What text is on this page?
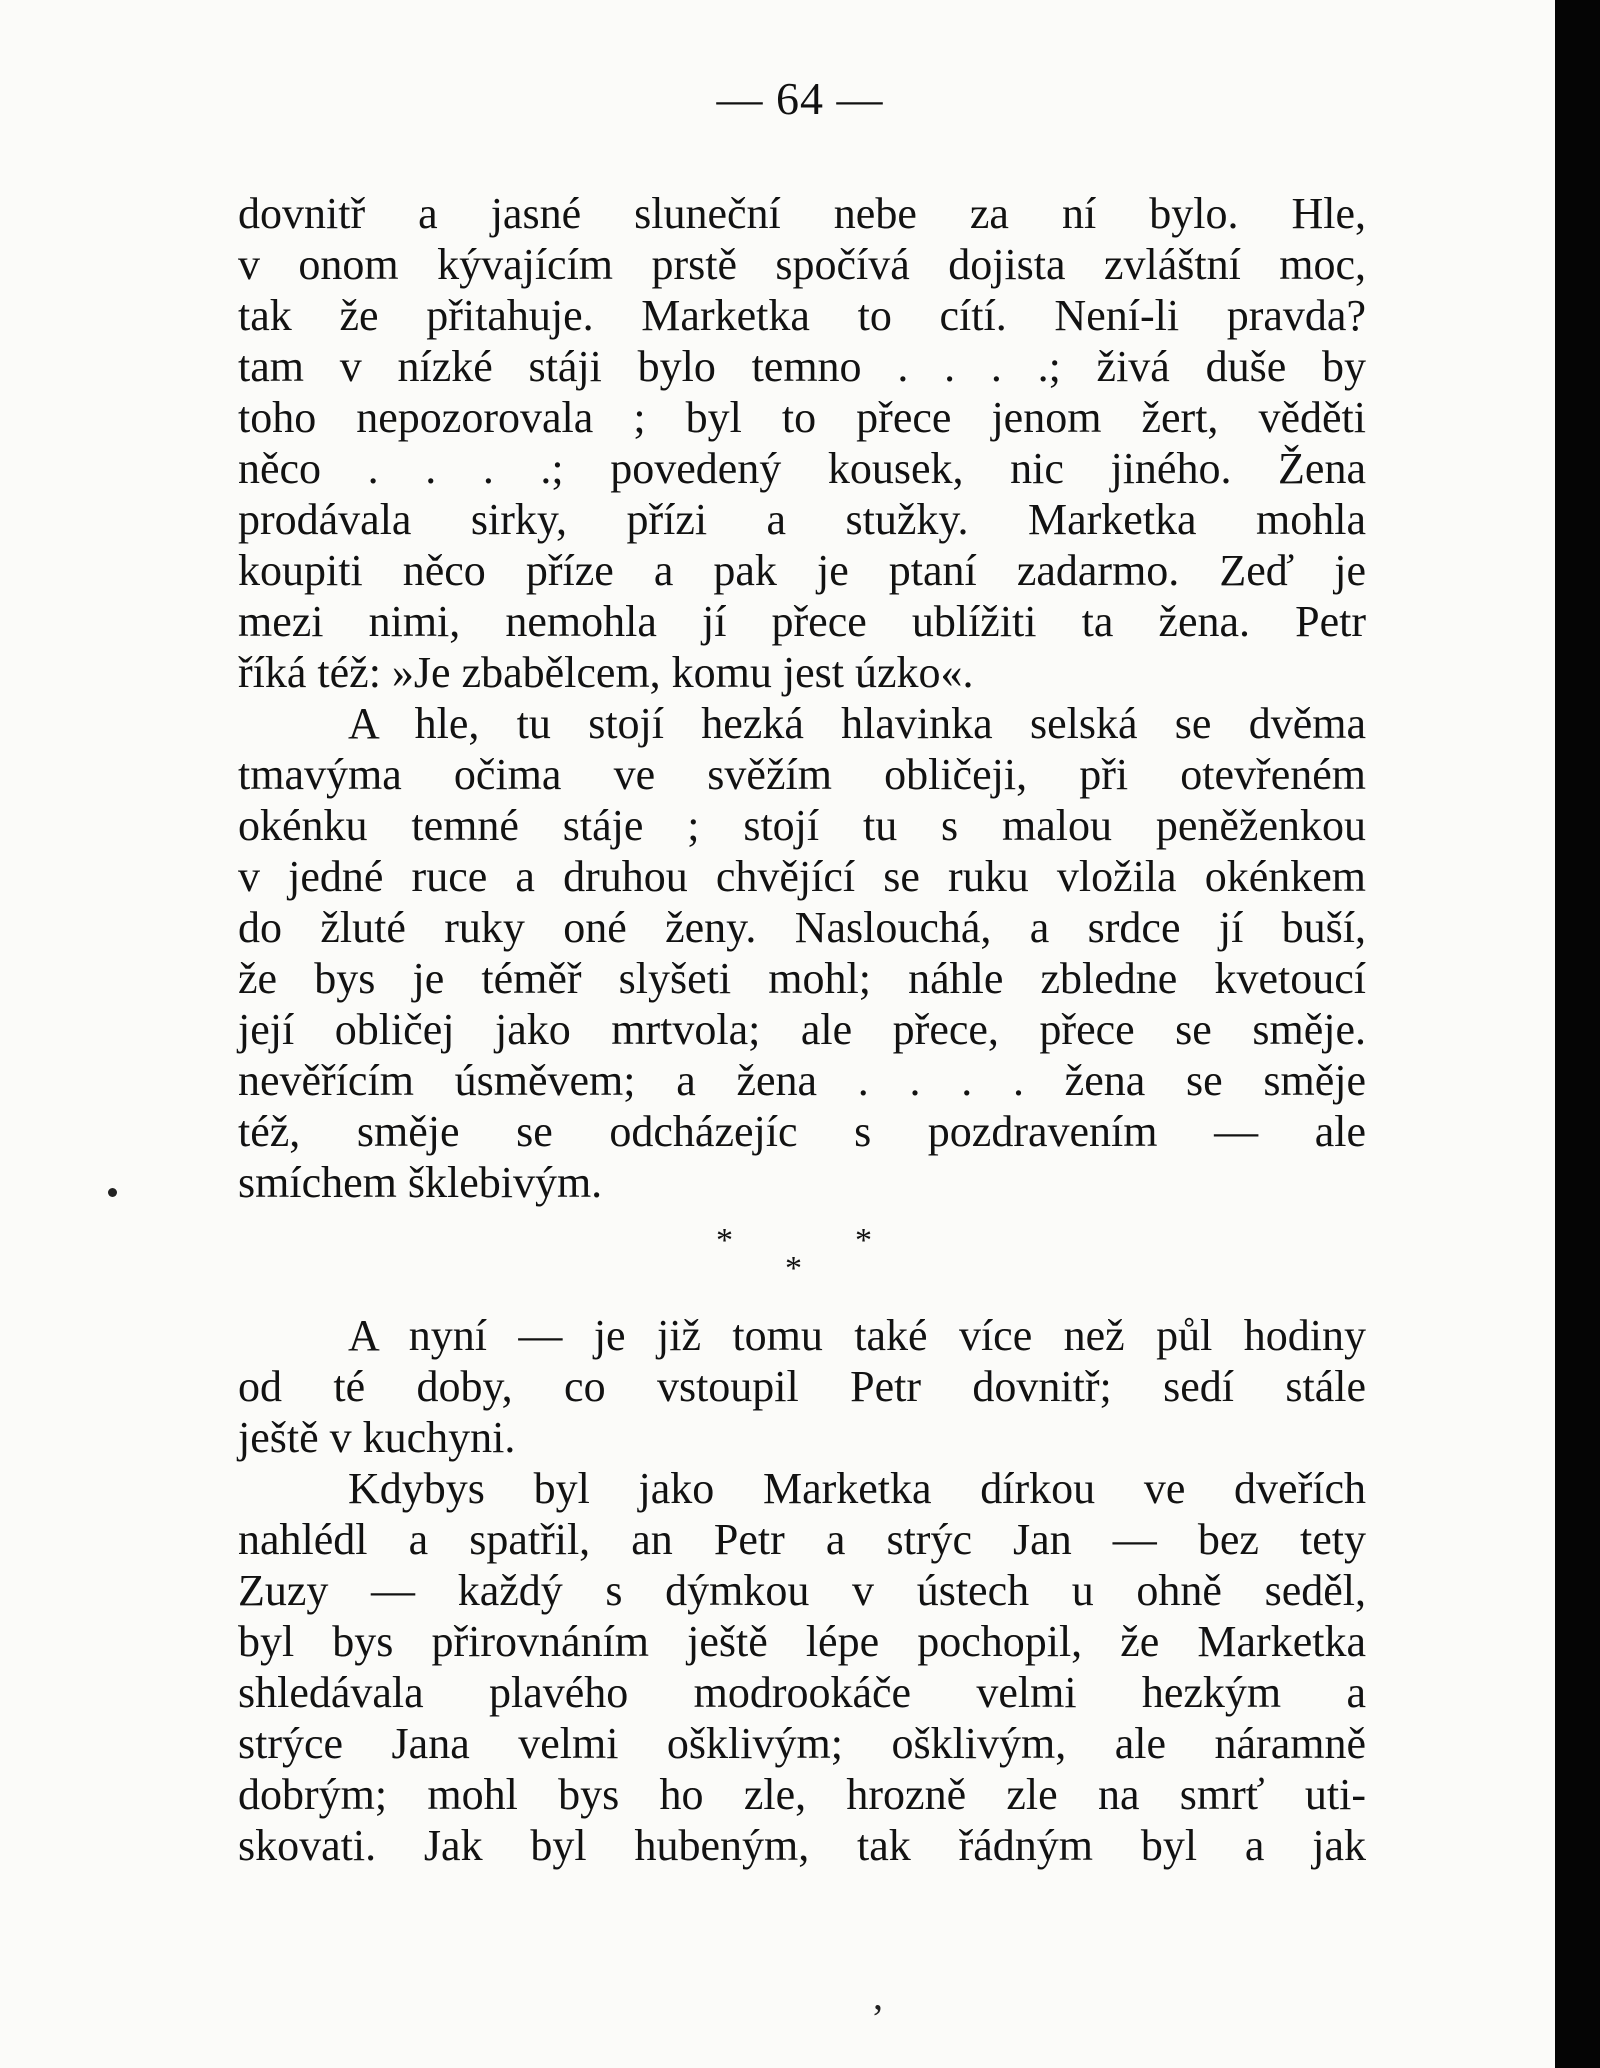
— 64 —
dovnitř a jasné sluneční nebe za ní bylo. Hle,
v onom kývajícím prstě spočívá dojista zvláštní moc,
tak že přitahuje. Marketka to cítí. Není-li pravda?
tam v nízké stáji bylo temno . . . .; živá duše by
toho nepozorovala ; byl to přece jenom žert, věděti
něco . . . .; povedený kousek, nic jiného. Žena
prodávala sirky, přízi a stužky. Marketka mohla
koupiti něco příze a pak je ptaní zadarmo. Zeď je
mezi nimi, nemohla jí přece ublížiti ta žena. Petr
říká též: »Je zbabělcem, komu jest úzko«.
A hle, tu stojí hezká hlavinka selská se dvěma
tmavýma očima ve svěžím obličeji, při otevřeném
okénku temné stáje ; stojí tu s malou peněženkou
v jedné ruce a druhou chvějící se ruku vložila okénkem
do žluté ruky oné ženy. Naslouchá, a srdce jí buší,
že bys je téměř slyšeti mohl; náhle zbledne kvetoucí
její obličej jako mrtvola; ale přece, přece se směje.
nevěřícím úsměvem; a žena . . . . žena se směje
též, směje se odcházejíc s pozdravením — ale
smíchem šklebivým.
A nyní — je již tomu také více než půl hodiny
od té doby, co vstoupil Petr dovnitř; sedí stále
ještě v kuchyni.
Kdybys byl jako Marketka dírkou ve dveřích
nahlédl a spatřil, an Petr a strýc Jan — bez tety
Zuzy — každý s dýmkou v ústech u ohně seděl,
byl bys přirovnáním ještě lépe pochopil, že Marketka
shledávala plavého modrookáče velmi hezkým a
strýce Jana velmi ošklivým; ošklivým, ale náramně
dobrým; mohl bys ho zle, hrozně zle na smrť uti-
skovati. Jak byl hubeným, tak řádným byl a jak
*	*
*
,
